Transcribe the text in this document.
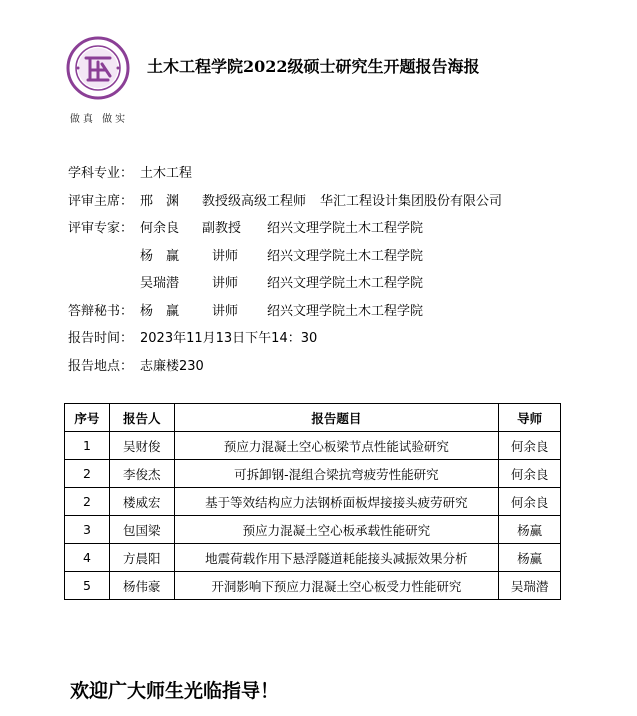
做真 做实
土木工程学院2022级硕士研究生开题报告海报
学科专业： 土木工程
评审主席： 邢　渊 教授级高级工程师 华汇工程设计集团股份有限公司
评审专家： 何余良 副教授 绍兴文理学院土木工程学院
杨　赢	讲师 绍兴文理学院土木工程学院
吴瑞潜	讲师 绍兴文理学院土木工程学院
答辩秘书： 杨　赢	讲师 绍兴文理学院土木工程学院
报告时间： 2023年11月13日下午14：30
报告地点： 志廉楼230
序号	报告人	报告题目	导师
1	吴财俊	预应力混凝土空心板梁节点性能试验研究	何余良
2	李俊杰	可拆卸钢-混组合梁抗弯疲劳性能研究	何余良
2	楼威宏	基于等效结构应力法钢桥面板焊接接头疲劳研究	何余良
3	包国梁	预应力混凝土空心板承载性能研究	杨赢
4	方晨阳	地震荷载作用下悬浮隧道耗能接头减振效果分析	杨赢
5	杨伟豪	开洞影响下预应力混凝土空心板受力性能研究	吴瑞潜
欢迎广大师生光临指导！
